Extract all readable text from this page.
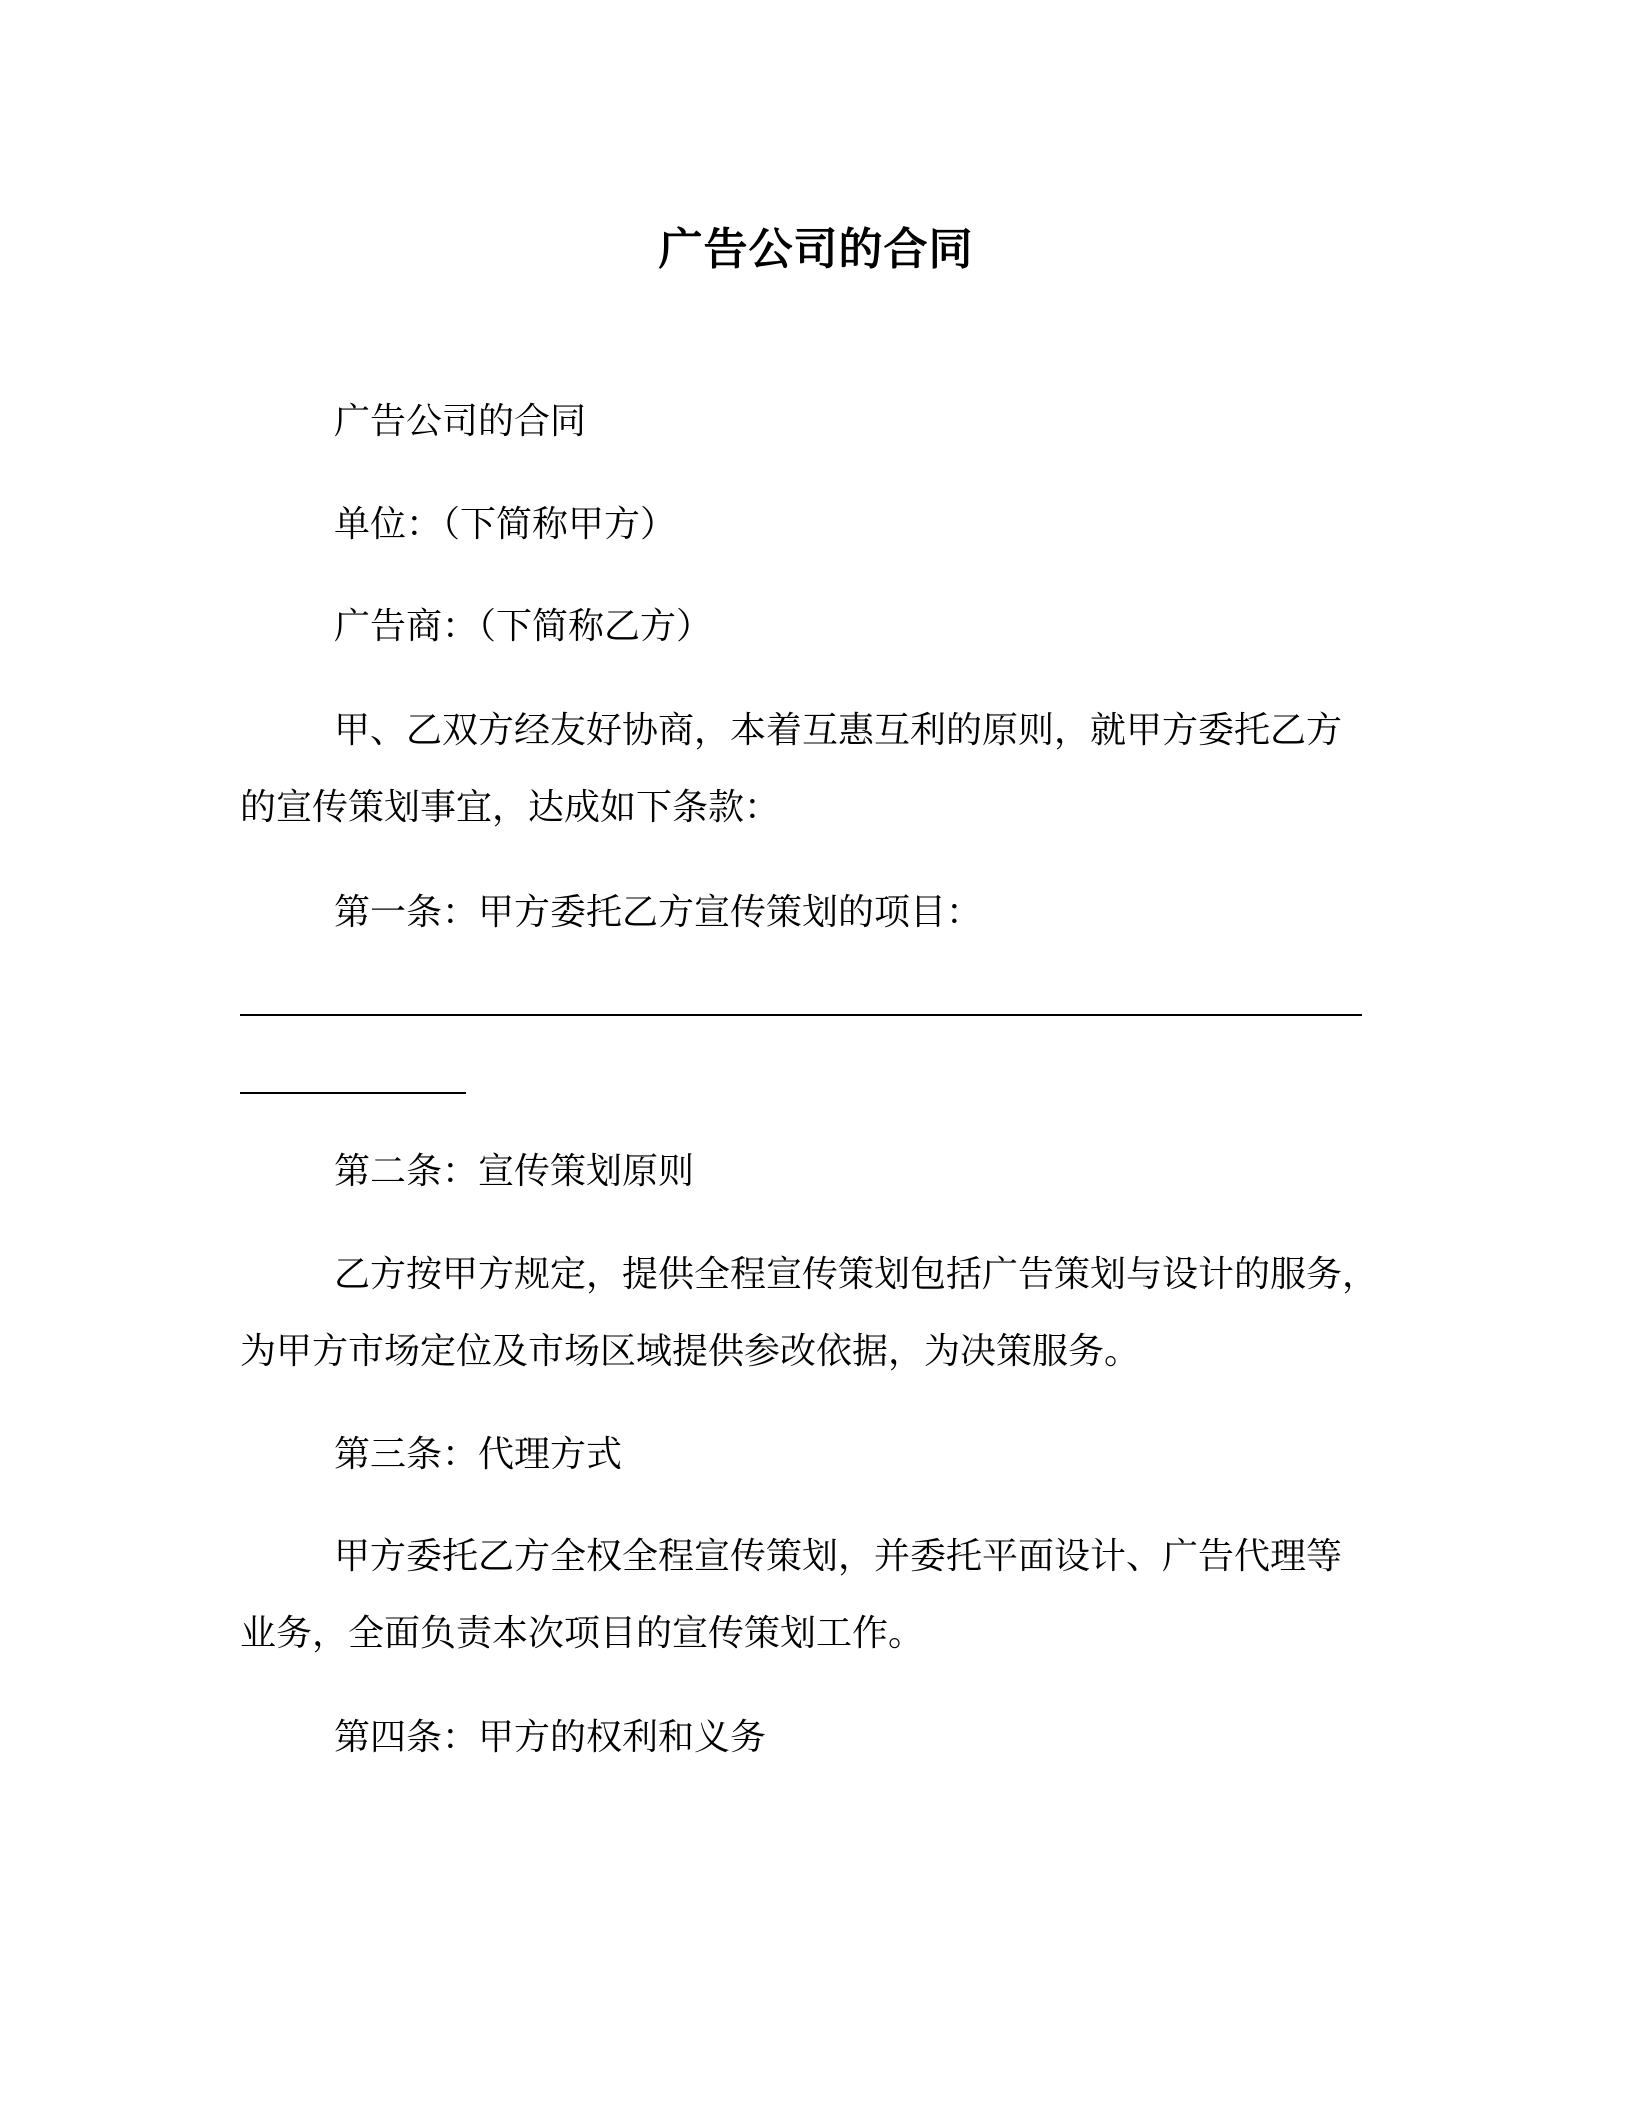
广告公司的合同
广告公司的合同
单位：（下简称甲方）
广告商：（下简称乙方）
甲、乙双方经友好协商，本着互惠互利的原则，就甲方委托乙方
的宣传策划事宜，达成如下条款：
第一条：甲方委托乙方宣传策划的项目：
第二条：宣传策划原则
乙方按甲方规定，提供全程宣传策划包括广告策划与设计的服务，
为甲方市场定位及市场区域提供参改依据，为决策服务。
第三条：代理方式
甲方委托乙方全权全程宣传策划，并委托平面设计、广告代理等
业务，全面负责本次项目的宣传策划工作。
第四条：甲方的权利和义务
